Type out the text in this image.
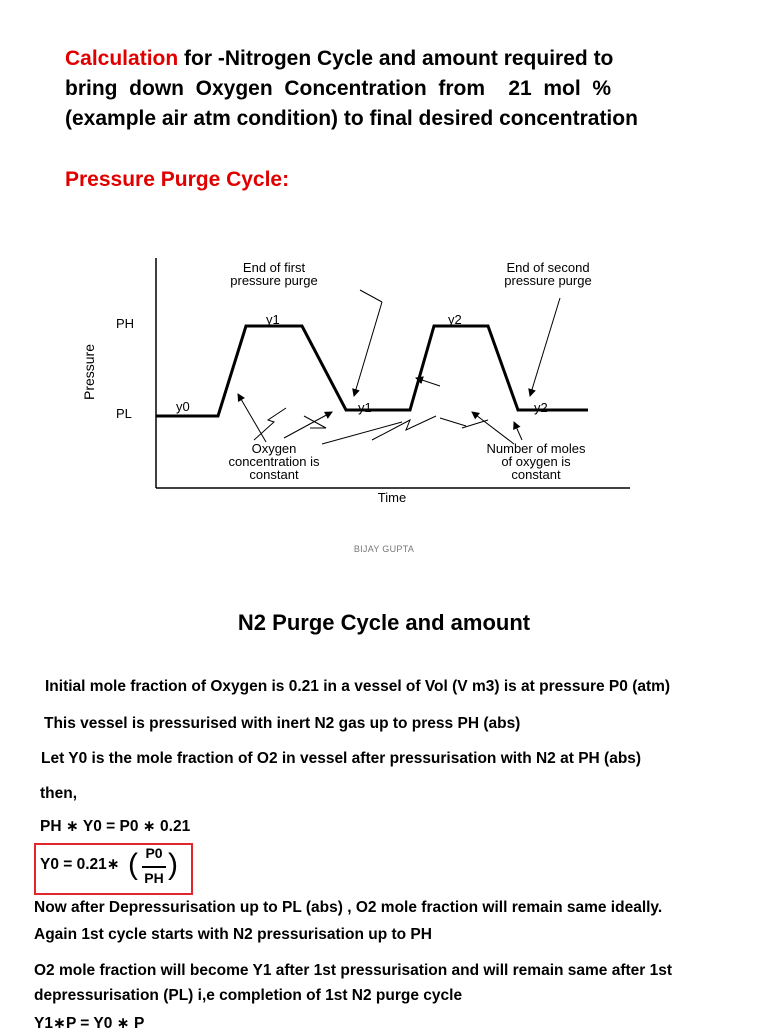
Calculation for -Nitrogen Cycle and amount required to
bring  down  Oxygen  Concentration  from    21  mol  %
(example air atm condition) to final desired concentration
Pressure Purge Cycle:
Pressure
Time
PH
PL	y0
y1
y1
y2
y2
End of first
pressure purge
End of second
pressure purge
Oxygen
concentration is
constant
Number of moles
of oxygen is
constant
BIJAY GUPTA
N2 Purge Cycle and amount
Initial mole fraction of Oxygen is 0.21 in a vessel of Vol (V m3) is at pressure P0 (atm)
This vessel is pressurised with inert N2 gas up to press PH (abs)
Let Y0 is the mole fraction of O2 in vessel after pressurisation with N2 at PH (abs)
then,
PH ∗ Y0 = P0 ∗ 0.21
Y0 = 0.21∗ ( P0
PH )
Now after Depressurisation up to PL (abs) , O2 mole fraction will remain same ideally.
Again 1st cycle starts with N2 pressurisation up to PH
O2 mole fraction will become Y1 after 1st pressurisation and will remain same after 1st
depressurisation (PL) i,e completion of 1st N2 purge cycle
Y1∗P = Y0 ∗ P
